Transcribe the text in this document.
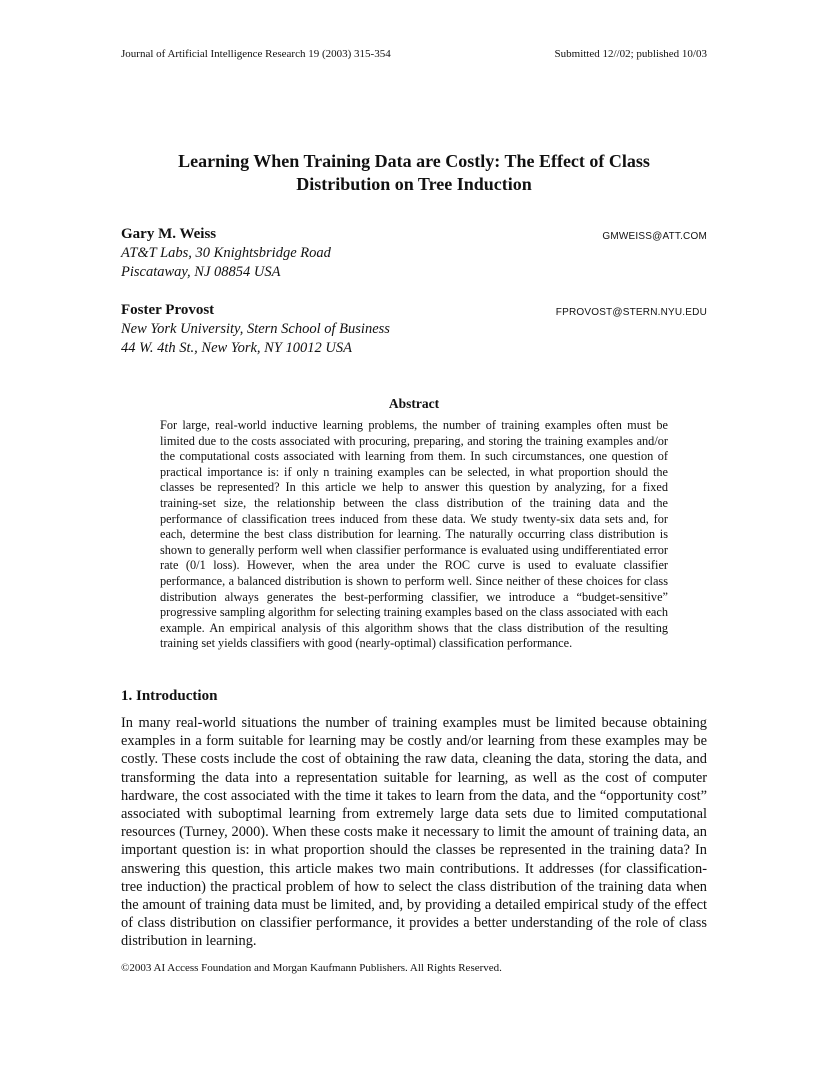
Journal of Artificial Intelligence Research 19 (2003) 315-354	Submitted 12//02; published 10/03
Learning When Training Data are Costly: The Effect of Class
Distribution on Tree Induction
Gary M. Weiss	GMWEISS@ATT.COM
AT&T Labs, 30 Knightsbridge Road
Piscataway, NJ 08854 USA
Foster Provost	FPROVOST@STERN.NYU.EDU
New York University, Stern School of Business
44 W. 4th St., New York, NY 10012 USA
Abstract
For large, real-world inductive learning problems, the number of training examples often must be limited due to the costs associated with procuring, preparing, and storing the training examples and/or the computational costs associated with learning from them. In such circumstances, one question of practical importance is: if only n training examples can be selected, in what proportion should the classes be represented? In this article we help to answer this question by analyzing, for a fixed training-set size, the relationship between the class distribution of the training data and the performance of classification trees induced from these data. We study twenty-six data sets and, for each, determine the best class distribution for learning. The naturally occurring class distribution is shown to generally perform well when classifier performance is evaluated using undifferentiated error rate (0/1 loss). However, when the area under the ROC curve is used to evaluate classifier performance, a balanced distribution is shown to perform well. Since neither of these choices for class distribution always generates the best-performing classifier, we introduce a “budget-sensitive” progressive sampling algorithm for selecting training examples based on the class associated with each example. An empirical analysis of this algorithm shows that the class distribution of the resulting training set yields classifiers with good (nearly-optimal) classification performance.
1. Introduction
In many real-world situations the number of training examples must be limited because obtaining examples in a form suitable for learning may be costly and/or learning from these examples may be costly. These costs include the cost of obtaining the raw data, cleaning the data, storing the data, and transforming the data into a representation suitable for learning, as well as the cost of computer hardware, the cost associated with the time it takes to learn from the data, and the “opportunity cost” associated with suboptimal learning from extremely large data sets due to limited computational resources (Turney, 2000). When these costs make it necessary to limit the amount of training data, an important question is: in what proportion should the classes be represented in the training data? In answering this question, this article makes two main contributions. It addresses (for classification-tree induction) the practical problem of how to select the class distribution of the training data when the amount of training data must be limited, and, by providing a detailed empirical study of the effect of class distribution on classifier performance, it provides a better understanding of the role of class distribution in learning.
©2003 AI Access Foundation and Morgan Kaufmann Publishers. All Rights Reserved.
